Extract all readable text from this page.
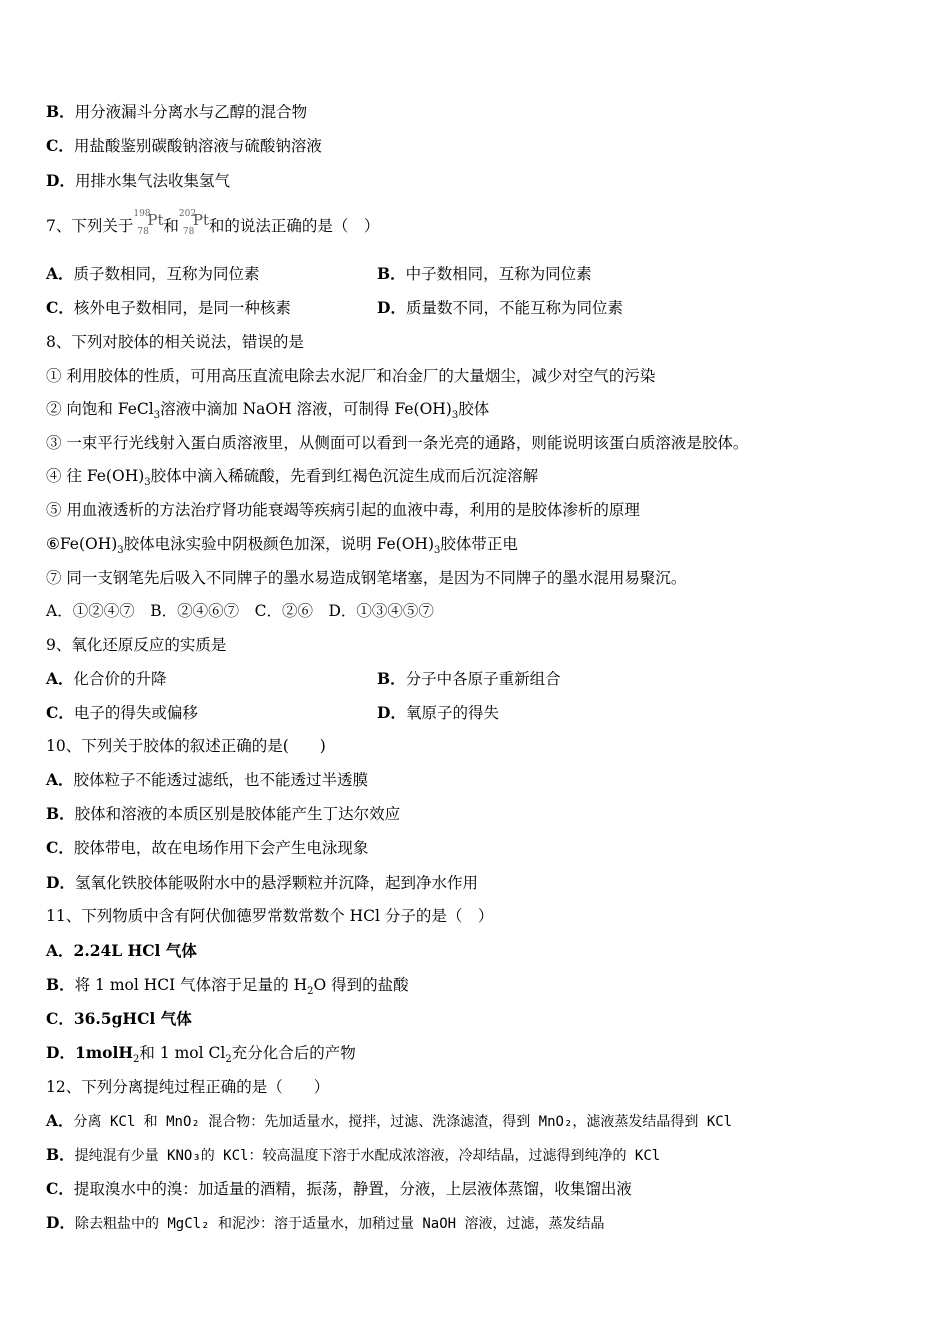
B．用分液漏斗分离水与乙醇的混合物
C．用盐酸鉴别碳酸钠溶液与硫酸钠溶液
D．用排水集气法收集氢气
7、下列关于
198
78
Pt 和
202
78
Pt 和的说法正确的是（　）
A．质子数相同，互称为同位素	B．中子数相同，互称为同位素
C．核外电子数相同，是同一种核素	D．质量数不同，不能互称为同位素
8、下列对胶体的相关说法，错误的是
① 利用胶体的性质，可用高压直流电除去水泥厂和冶金厂的大量烟尘，减少对空气的污染
② 向饱和 FeCl$_3$溶液中滴加 NaOH 溶液，可制得 $Fe(OH)_3$胶体
③ 一束平行光线射入蛋白质溶液里，从侧面可以看到一条光亮的通路，则能说明该蛋白质溶液是胶体。
④ 往 $Fe(OH)_3$胶体中滴入稀硫酸，先看到红褐色沉淀生成而后沉淀溶解
⑤ 用血液透析的方法治疗肾功能衰竭等疾病引起的血液中毒，利用的是胶体渗析的原理
$⑥Fe(OH)_3$胶体电泳实验中阴极颜色加深，说明 $Fe(OH)_3$胶体带正电
⑦ 同一支钢笔先后吸入不同牌子的墨水易造成钢笔堵塞，是因为不同牌子的墨水混用易聚沉。
A．①②④⑦　B．②④⑥⑦　C．②⑥　D．①③④⑤⑦
9、氧化还原反应的实质是
A．化合价的升降	B．分子中各原子重新组合
C．电子的得失或偏移	D．氧原子的得失
10、下列关于胶体的叙述正确的是(　　)
A．胶体粒子不能透过滤纸，也不能透过半透膜
B．胶体和溶液的本质区别是胶体能产生丁达尔效应
C．胶体带电，故在电场作用下会产生电泳现象
D．氢氧化铁胶体能吸附水中的悬浮颗粒并沉降，起到净水作用
11、下列物质中含有阿伏伽德罗常数常数个 HCl 分子的是（　）
A．2.24L HCl 气体
B．将 1 mol HCI 气体溶于足量的 $H_2O$ 得到的盐酸
C．36.5gHCl 气体
D．1molH$_2$和 1 mol $Cl_2$充分化合后的产物
12、下列分离提纯过程正确的是（　　）
A．分离 KCl 和 MnO₂ 混合物：先加适量水，搅拌，过滤、洗涤滤渣，得到 MnO₂，滤液蒸发结晶得到 KCl
B．提纯混有少量 KNO₃的 KCl：较高温度下溶于水配成浓溶液，冷却结晶，过滤得到纯净的 KCl
C．提取溴水中的溴：加适量的酒精，振荡，静置，分液，上层液体蒸馏，收集馏出液
D．除去粗盐中的 MgCl₂ 和泥沙：溶于适量水，加稍过量 NaOH 溶液，过滤，蒸发结晶
